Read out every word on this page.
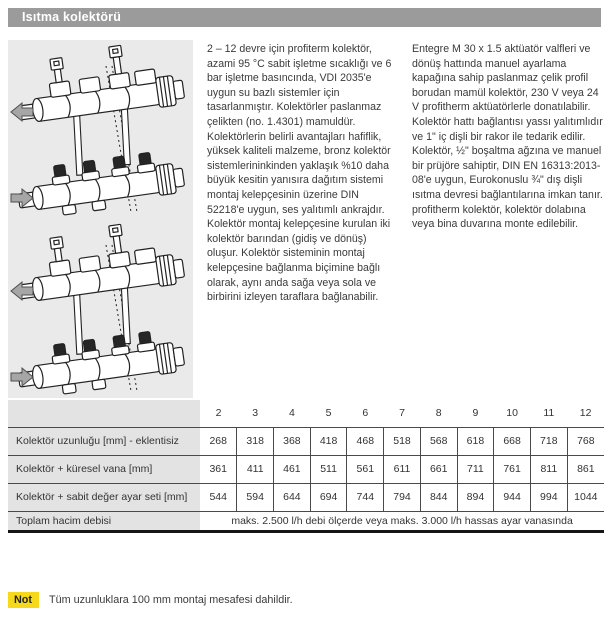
Isıtma kolektörü
2 – 12 devre için profiterm kolektör, azami 95 °C sabit işletme sıcaklığı ve 6 bar işletme basıncında, VDI 2035'e uygun su bazlı sistemler için tasarlanmıştır. Kolektörler paslanmaz çelikten (no. 1.4301) mamuldür. Kolektörlerin belirli avantajları hafiflik, yüksek kaliteli malzeme, bronz kolektör sistemlerininkinden yaklaşık %10 daha büyük kesitin yanısıra dağıtım sistemi montaj kelepçesinin üzerine DIN 52218'e uygun, ses yalıtımlı ankrajdır. Kolektör montaj kelepçesine kurulan iki kolektör barından (gidiş ve dönüş) oluşur. Kolektör sisteminin montaj kelepçesine bağlanma biçimine bağlı olarak, aynı anda sağa veya sola ve birbirini izleyen taraflara bağlanabilir.
Entegre M 30 x 1.5 aktüatör valfleri ve dönüş hattında manuel ayarlama kapağına sahip paslanmaz çelik profil borudan mamül kolektör, 230 V veya 24 V profitherm aktüatörlerle donatılabilir. Kolektör hattı bağlantısı yassı yalıtımlıdır ve 1" iç dişli bir rakor ile tedarik edilir. Kolektör, ½" boşaltma ağzına ve manuel bir prüjöre sahiptir, DIN EN 16313:2013-08'e uygun, Eurokonuslu ¾" dış dişli ısıtma devresi bağlantılarına imkan tanır. profitherm kolektör, kolektör dolabına veya bina duvarına monte edilebilir.
	2	3	4	5	6	7	8	9	10	11	12
Kolektör uzunluğu [mm] - eklentisiz	268	318	368	418	468	518	568	618	668	718	768
Kolektör + küresel vana [mm]	361	411	461	511	561	611	661	711	761	811	861
Kolektör + sabit değer ayar seti [mm]	544	594	644	694	744	794	844	894	944	994	1044
Toplam hacim debisi	maks. 2.500 l/h debi ölçerde veya maks. 3.000 l/h hassas ayar vanasında										
Not	Tüm uzunluklara 100 mm montaj mesafesi dahildir.
